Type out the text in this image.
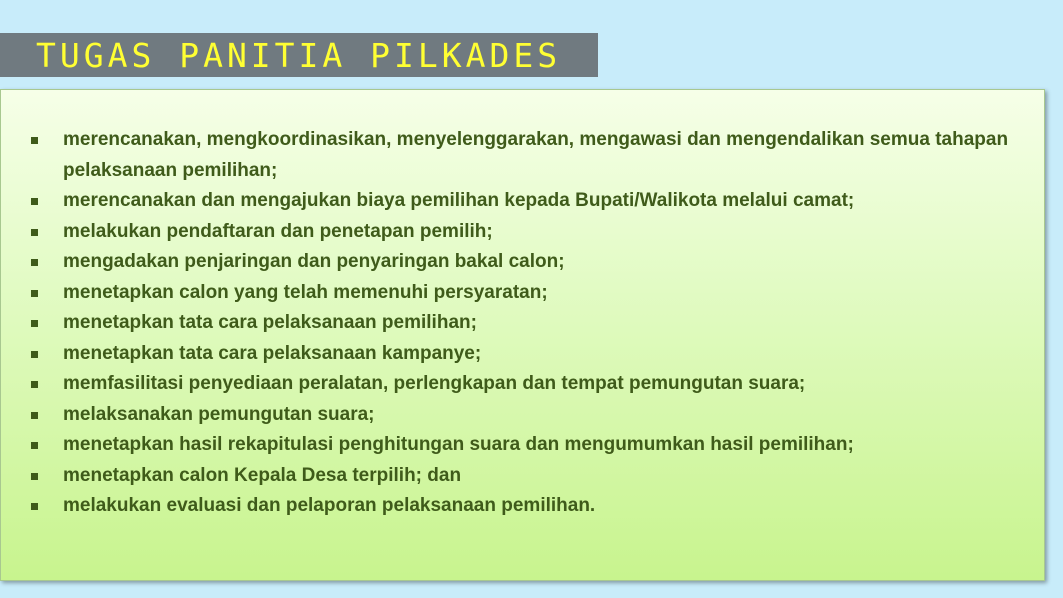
TUGAS PANITIA PILKADES
merencanakan, mengkoordinasikan, menyelenggarakan, mengawasi dan mengendalikan semua tahapan pelaksanaan pemilihan;
merencanakan dan mengajukan biaya pemilihan kepada Bupati/Walikota melalui camat;
melakukan pendaftaran dan penetapan pemilih;
mengadakan penjaringan dan penyaringan bakal calon;
menetapkan calon yang telah memenuhi persyaratan;
menetapkan tata cara pelaksanaan pemilihan;
menetapkan tata cara pelaksanaan kampanye;
memfasilitasi penyediaan peralatan, perlengkapan dan tempat pemungutan suara;
melaksanakan pemungutan suara;
menetapkan hasil rekapitulasi penghitungan suara dan mengumumkan hasil pemilihan;
menetapkan calon Kepala Desa terpilih; dan
melakukan evaluasi dan pelaporan pelaksanaan pemilihan.
